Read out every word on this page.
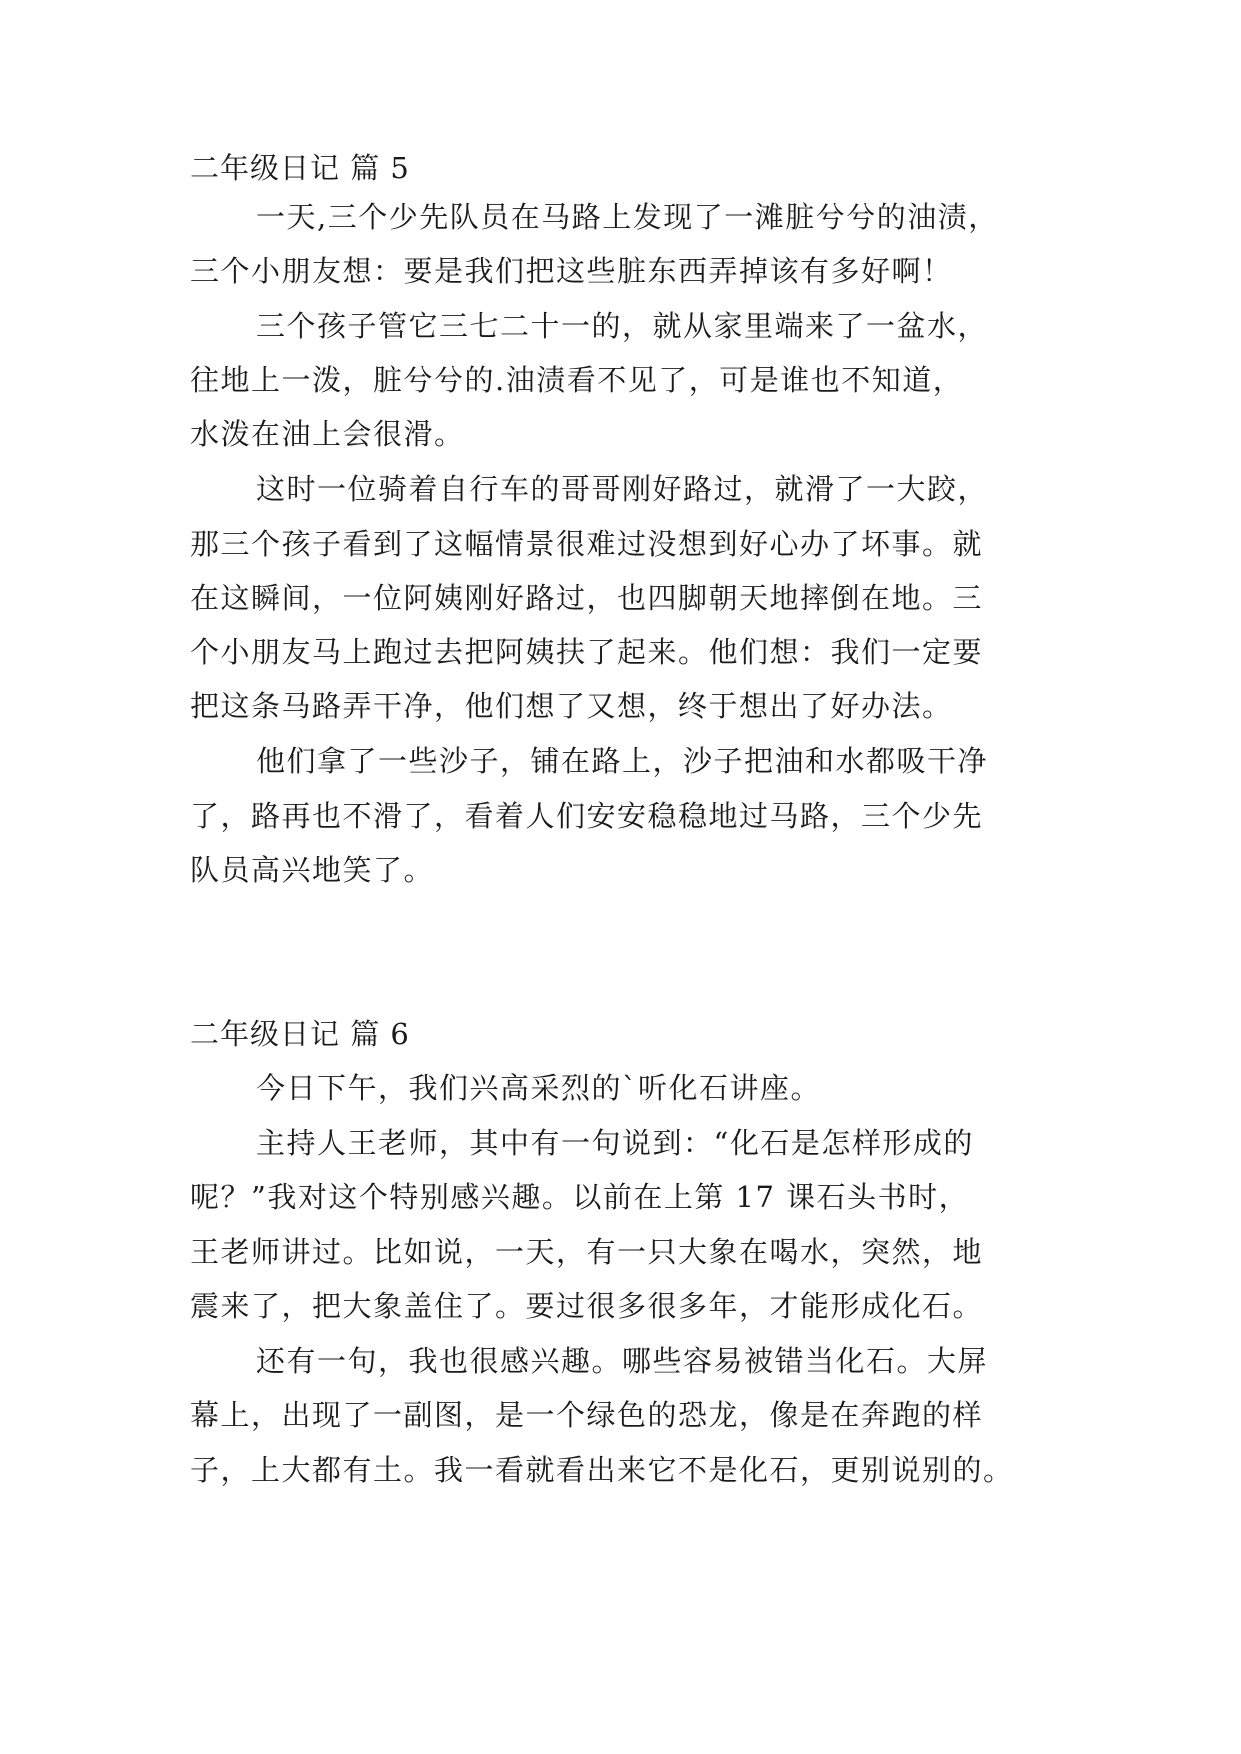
二年级日记 篇 5
一天,三个少先队员在马路上发现了一滩脏兮兮的油渍，
三个小朋友想：要是我们把这些脏东西弄掉该有多好啊！
三个孩子管它三七二十一的，就从家里端来了一盆水，
往地上一泼，脏兮兮的.油渍看不见了，可是谁也不知道，
水泼在油上会很滑。
这时一位骑着自行车的哥哥刚好路过，就滑了一大跤，
那三个孩子看到了这幅情景很难过没想到好心办了坏事。就
在这瞬间，一位阿姨刚好路过，也四脚朝天地摔倒在地。三
个小朋友马上跑过去把阿姨扶了起来。他们想：我们一定要
把这条马路弄干净，他们想了又想，终于想出了好办法。
他们拿了一些沙子，铺在路上，沙子把油和水都吸干净
了，路再也不滑了，看着人们安安稳稳地过马路，三个少先
队员高兴地笑了。
二年级日记 篇 6
今日下午，我们兴高采烈的`听化石讲座。
主持人王老师，其中有一句说到：“化石是怎样形成的
呢？”我对这个特别感兴趣。以前在上第 17 课石头书时，
王老师讲过。比如说，一天，有一只大象在喝水，突然，地
震来了，把大象盖住了。要过很多很多年，才能形成化石。
还有一句，我也很感兴趣。哪些容易被错当化石。大屏
幕上，出现了一副图，是一个绿色的恐龙，像是在奔跑的样
子，上大都有土。我一看就看出来它不是化石，更别说别的。
